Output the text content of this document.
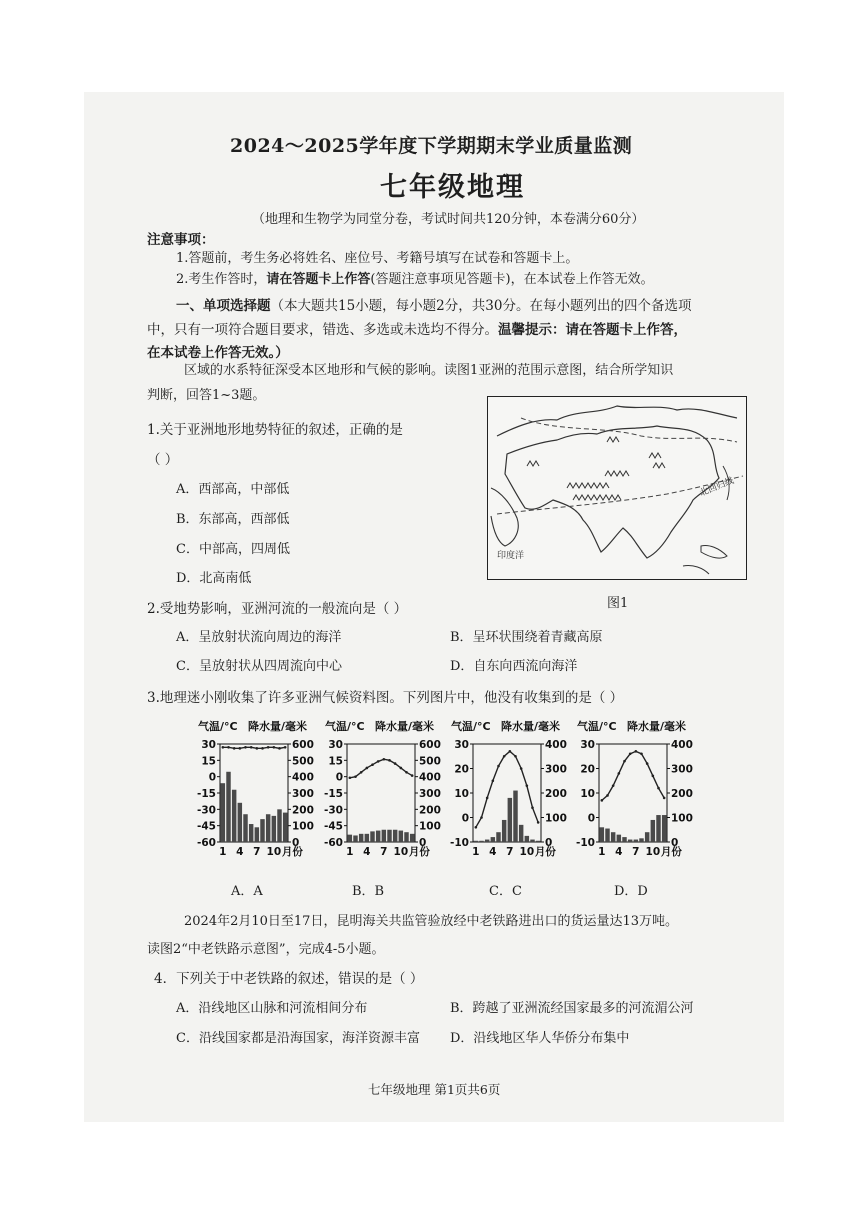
2024～2025学年度下学期期末学业质量监测
七年级地理
（地理和生物学为同堂分卷，考试时间共120分钟，本卷满分60分）
注意事项：
1.答题前，考生务必将姓名、座位号、考籍号填写在试卷和答题卡上。
2.考生作答时，请在答题卡上作答(答题注意事项见答题卡)，在本试卷上作答无效。
一、单项选择题（本大题共15小题，每小题2分，共30分。在每小题列出的四个备选项
中，只有一项符合题目要求，错选、多选或未选均不得分。温馨提示：请在答题卡上作答，
在本试卷上作答无效。）
区域的水系特征深受本区地形和气候的影响。读图1亚洲的范围示意图，结合所学知识
判断，回答1~3题。
北回归线
印度洋
图1
1.关于亚洲地形地势特征的叙述，正确的是
（ ）
A．西部高，中部低
B．东部高，西部低
C．中部高，四周低
D．北高南低
2.受地势影响，亚洲河流的一般流向是（ ）
A．呈放射状流向周边的海洋	B．呈环状围绕着青藏高原
C．呈放射状从四周流向中心	D．自东向西流向海洋
3.地理迷小刚收集了许多亚洲气候资料图。下列图片中，他没有收集到的是（ ）
气温/°C 降水量/毫米
30
15
0
-15
-30
-45
-60
600
500
400
300
200
100
0
1 4 7 10 月份
气温/°C 降水量/毫米
30
15
0
-15
-30
-45
-60
600
500
400
300
200
100
0
1 4 7 10 月份
气温/°C 降水量/毫米
30
20
10
0
-10
400
300
200
100
0
1 4 7 10 月份
气温/°C 降水量/毫米
30
20
10
0
-10
400
300
200
100
0
1 4 7 10 月份
A．A	B．B	C．C	D．D
2024年2月10日至17日，昆明海关共监管验放经中老铁路进出口的货运量达13万吨。
读图2“中老铁路示意图”，完成4-5小题。
4．下列关于中老铁路的叙述，错误的是（ ）
A．沿线地区山脉和河流相间分布	B．跨越了亚洲流经国家最多的河流湄公河
C．沿线国家都是沿海国家，海洋资源丰富 D．沿线地区华人华侨分布集中
七年级地理 第1页共6页
